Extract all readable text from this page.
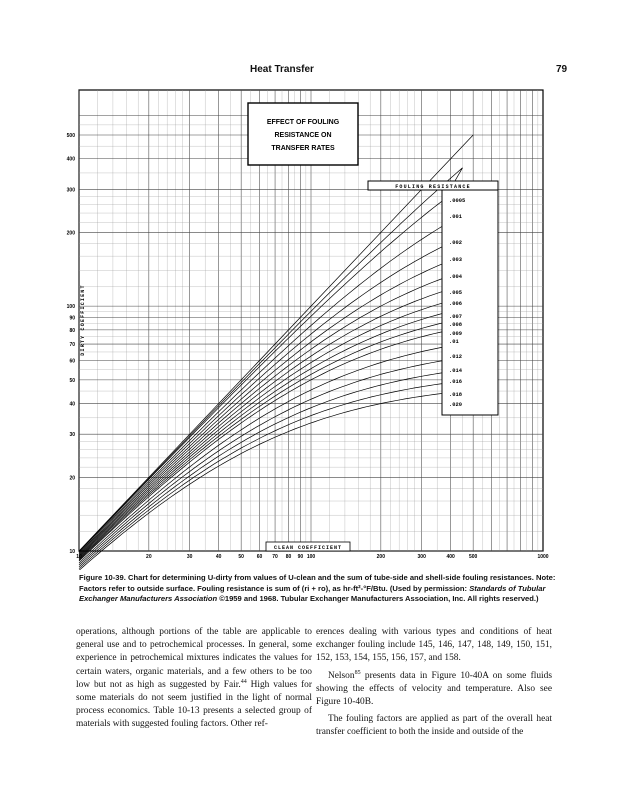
Heat Transfer	79
10	20	30	40	50	60 70 80 90 100	200	300	400	500	1000
10
20
30
40
50
60
70
80
90
100
200
300
400
500
EFFECT OF FOULING
RESISTANCE ON
TRANSFER RATES
FOULING RESISTANCE
.0005
.001
.002
.003
.004
.005
.006
.007
.008
.009
.01
.012
.014
.016
.018
.020
CLEAN COEFFICIENT
DIRTY COEFFICIENT
Figure 10-39. Chart for determining U-dirty from values of U-clean and the sum of tube-side and shell-side fouling resistances. Note: Factors refer to outside surface. Fouling resistance is sum of (ri + ro), as hr-ft²-°F/Btu. (Used by permission: Standards of Tubular Exchanger Manufacturers Association ©1959 and 1968. Tubular Exchanger Manufacturers Association, Inc. All rights reserved.)

operations, although portions of the table are applicable to general use and to petrochemical processes. In general, some experience in petrochemical mixtures indicates the values for certain waters, organic materials, and a few others to be too low but not as high as suggested by Fair.$^{44}$ High values for some materials do not seem justified in the light of normal process economics. Table 10-13 presents a selected group of materials with suggested fouling factors. Other ref-

erences dealing with various types and conditions of heat exchanger fouling include 145, 146, 147, 148, 149, 150, 151, 152, 153, 154, 155, 156, 157, and 158.

Nelson$^{85}$ presents data in Figure 10-40A on some fluids showing the effects of velocity and temperature. Also see Figure 10-40B.

The fouling factors are applied as part of the overall heat transfer coefficient to both the inside and outside of the
